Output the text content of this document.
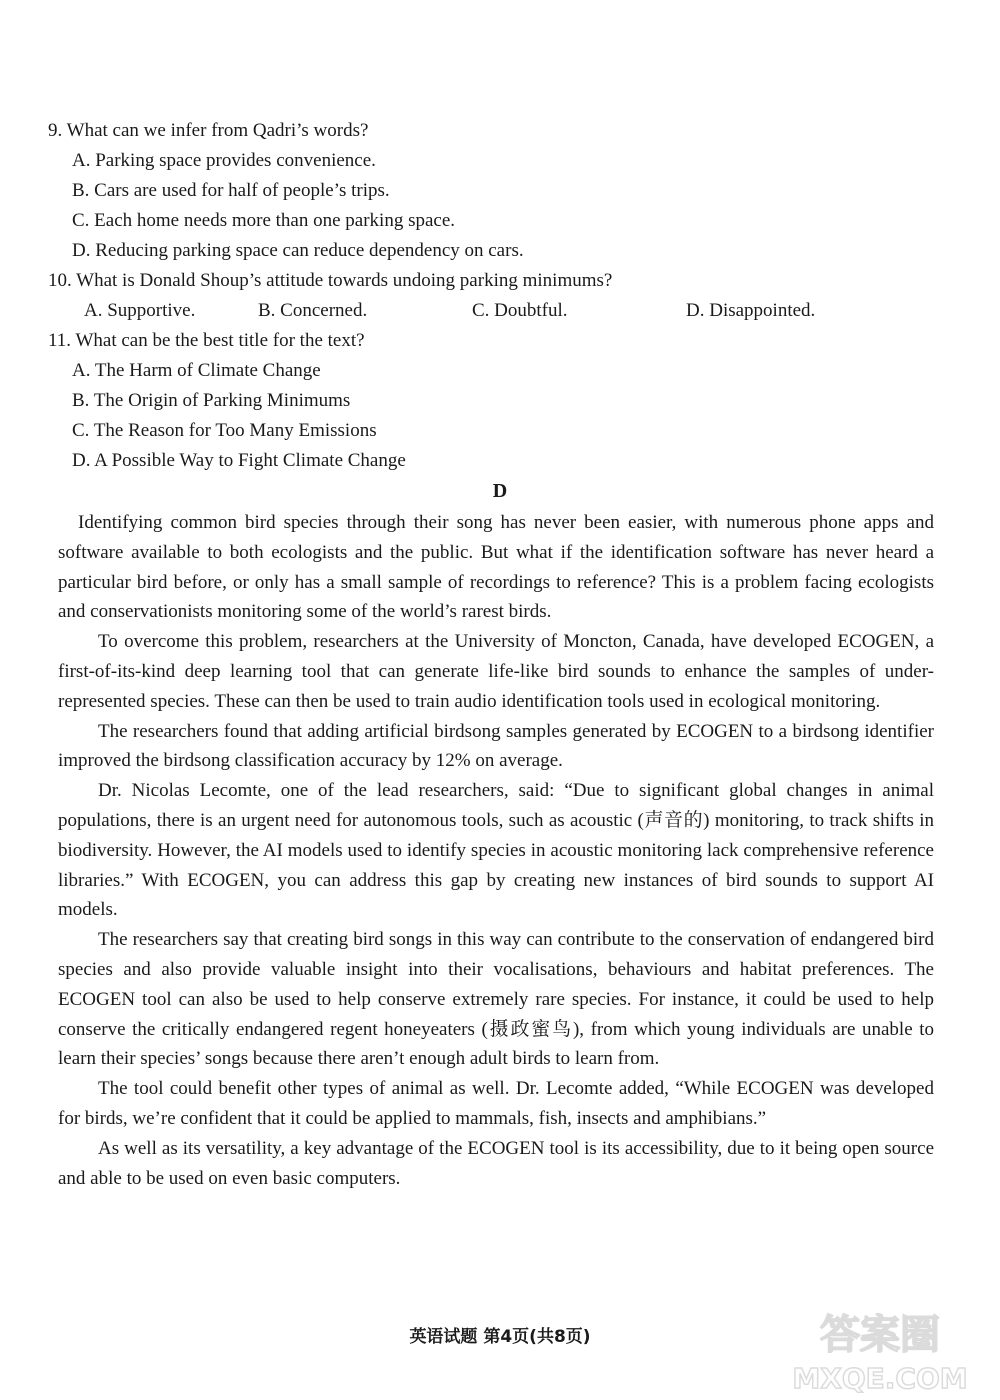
9. What can we infer from Qadri’s words?
A. Parking space provides convenience.
B. Cars are used for half of people’s trips.
C. Each home needs more than one parking space.
D. Reducing parking space can reduce dependency on cars.
10. What is Donald Shoup’s attitude towards undoing parking minimums?
A. Supportive.	B. Concerned.	C. Doubtful.	D. Disappointed.
11. What can be the best title for the text?
A. The Harm of Climate Change
B. The Origin of Parking Minimums
C. The Reason for Too Many Emissions
D. A Possible Way to Fight Climate Change
D

Identifying common bird species through their song has never been easier, with numerous phone apps and software available to both ecologists and the public. But what if the identification software has never heard a particular bird before, or only has a small sample of recordings to reference? This is a problem facing ecologists and conservationists monitoring some of the world’s rarest birds.

To overcome this problem, researchers at the University of Moncton, Canada, have developed ECOGEN, a first-of-its-kind deep learning tool that can generate life-like bird sounds to enhance the samples of under-represented species. These can then be used to train audio identification tools used in ecological monitoring.

The researchers found that adding artificial birdsong samples generated by ECOGEN to a birdsong identifier improved the birdsong classification accuracy by 12% on average.

Dr. Nicolas Lecomte, one of the lead researchers, said: “Due to significant global changes in animal populations, there is an urgent need for autonomous tools, such as acoustic (声音的) monitoring, to track shifts in biodiversity. However, the AI models used to identify species in acoustic monitoring lack comprehensive reference libraries.” With ECOGEN, you can address this gap by creating new instances of bird sounds to support AI models.

The researchers say that creating bird songs in this way can contribute to the conservation of endangered bird species and also provide valuable insight into their vocalisations, behaviours and habitat preferences. The ECOGEN tool can also be used to help conserve extremely rare species. For instance, it could be used to help conserve the critically endangered regent honeyeaters (摄政蜜鸟), from which young individuals are unable to learn their species’ songs because there aren’t enough adult birds to learn from.

The tool could benefit other types of animal as well. Dr. Lecomte added, “While ECOGEN was developed for birds, we’re confident that it could be applied to mammals, fish, insects and amphibians.”

As well as its versatility, a key advantage of the ECOGEN tool is its accessibility, due to it being open source and able to be used on even basic computers.

英语试题 第4页(共8页)	答案圈
MXQE.COM
